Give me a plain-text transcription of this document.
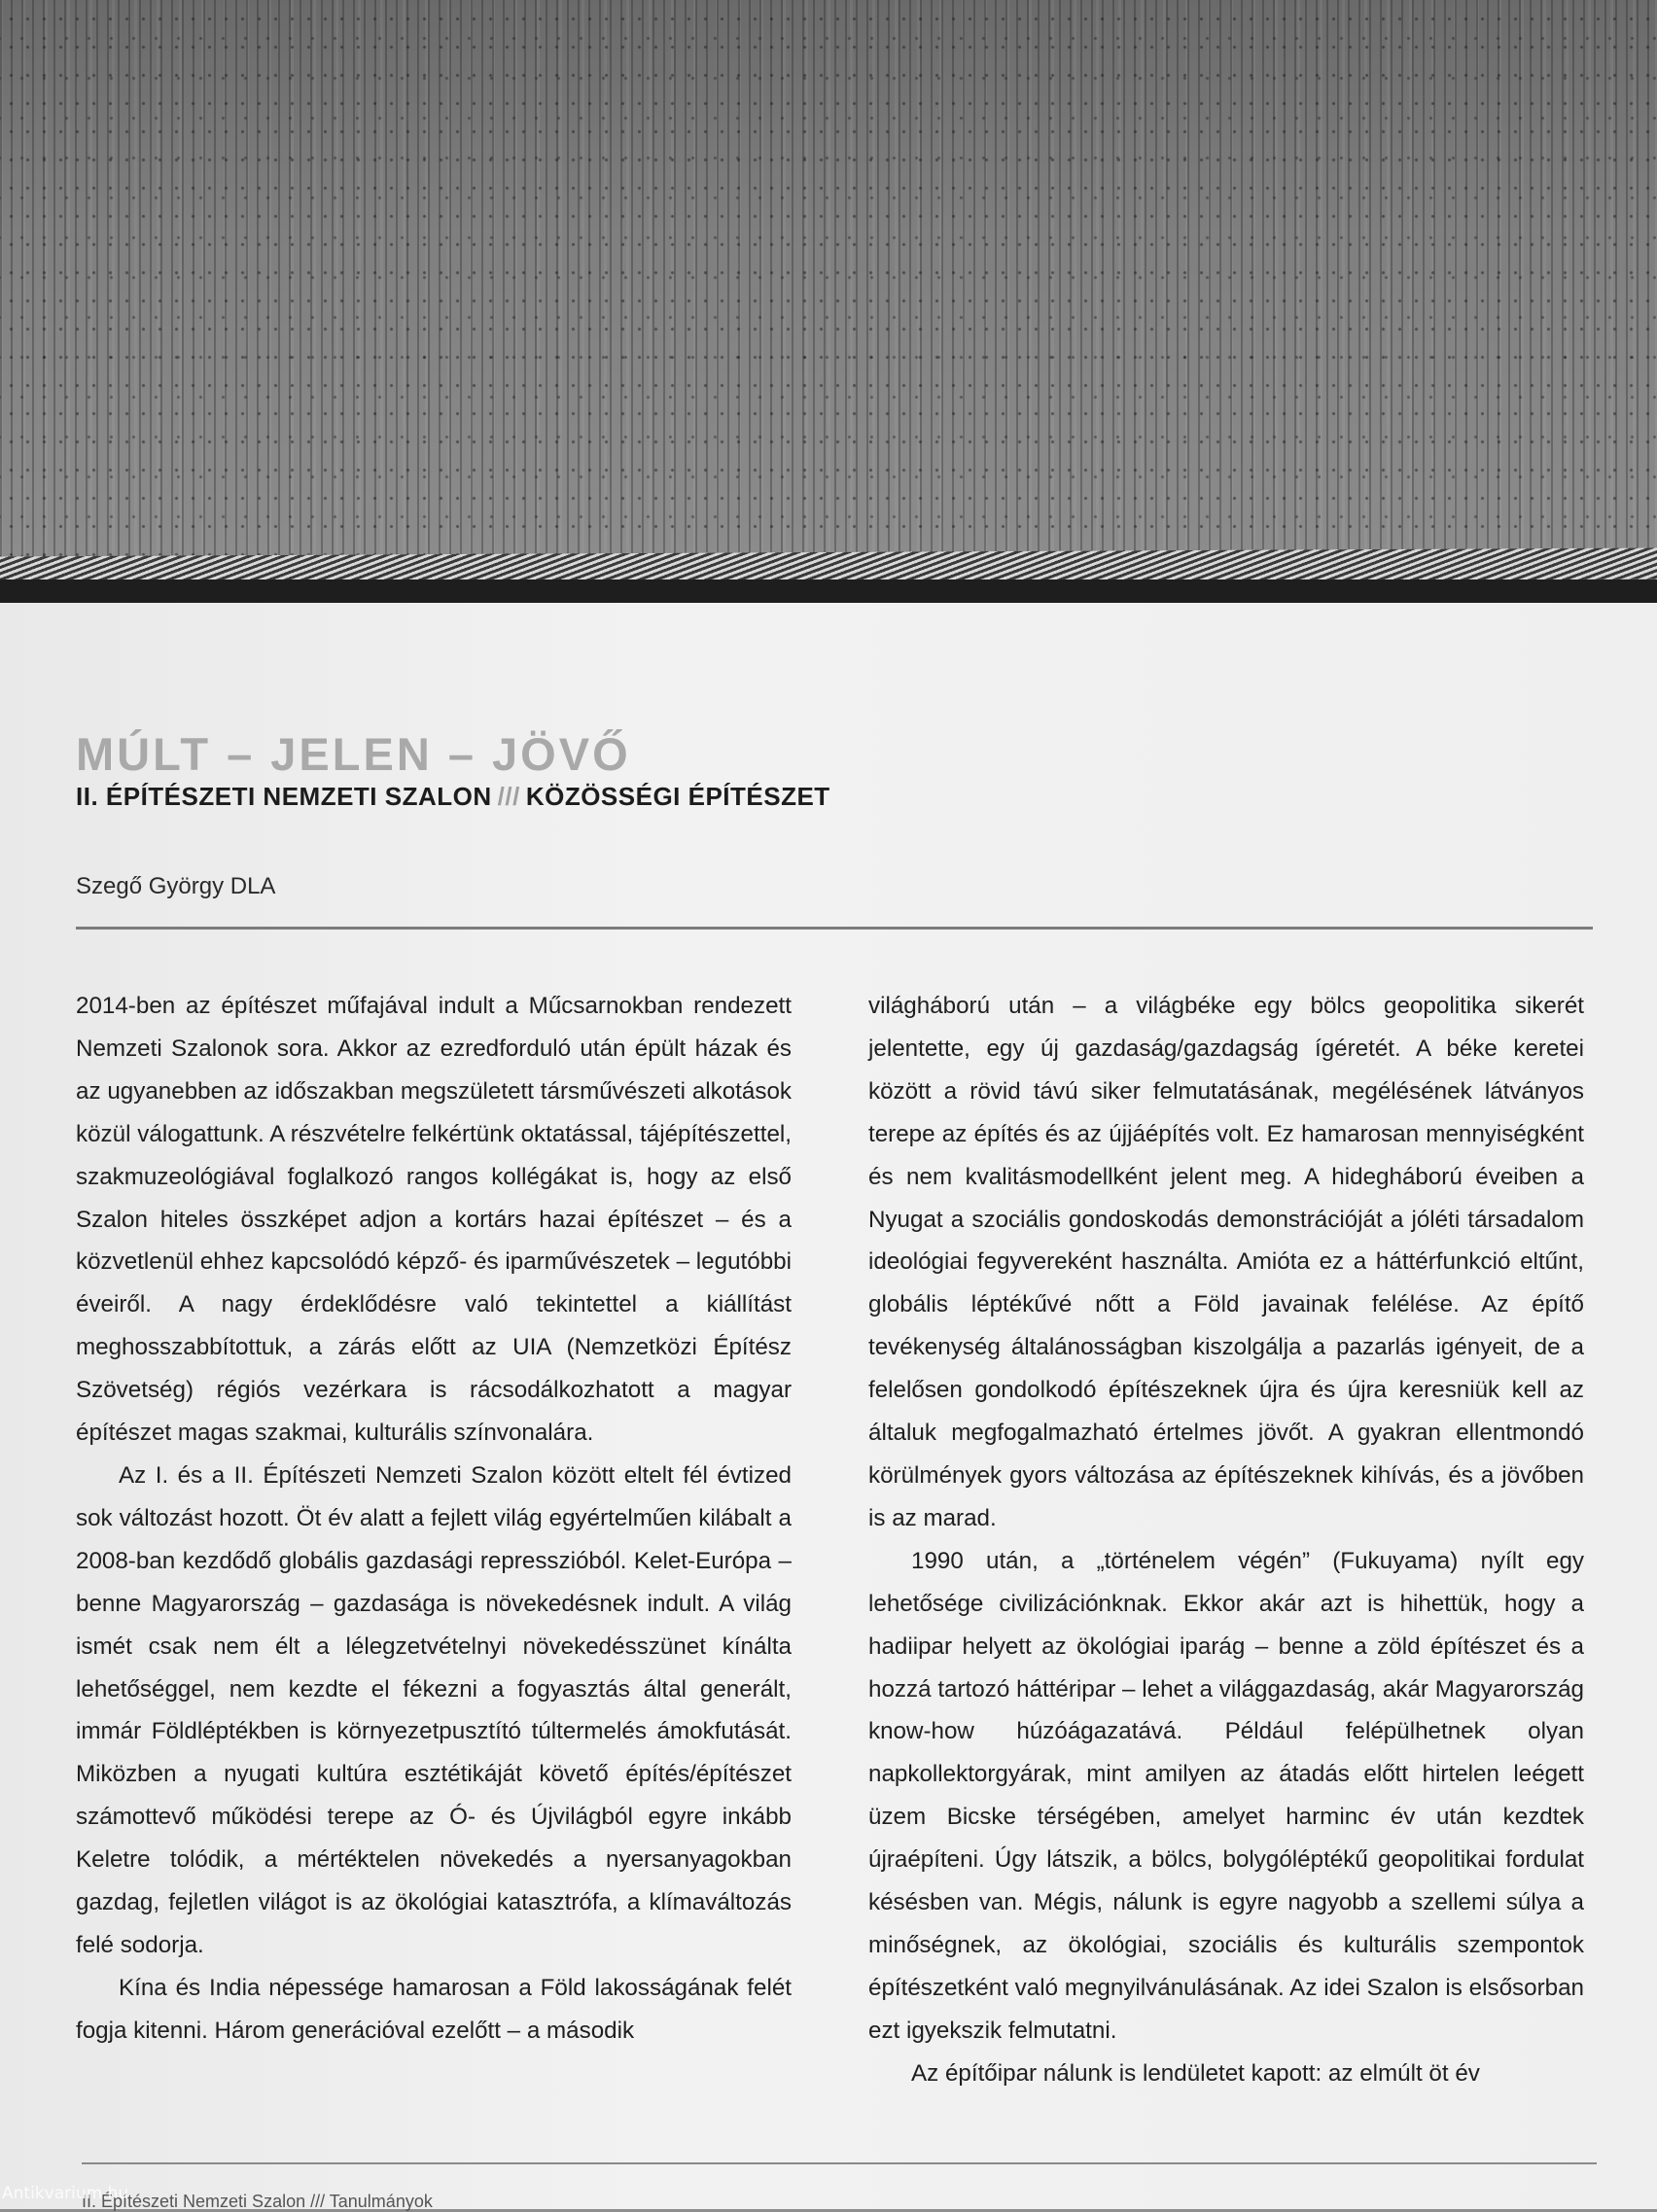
MÚLT – JELEN – JÖVŐ
II. ÉPÍTÉSZETI NEMZETI SZALON /// KÖZÖSSÉGI ÉPÍTÉSZET
Szegő György DLA

2014-ben az építészet műfajával indult a Műcsarnokban rendezett Nemzeti Szalonok sora. Akkor az ezredforduló után épült házak és az ugyanebben az időszakban megszületett társművészeti alkotások közül válogattunk. A részvételre felkértünk oktatással, tájépítészettel, szakmuzeológiával foglalkozó rangos kollégákat is, hogy az első Szalon hiteles összképet adjon a kortárs hazai építészet – és a közvetlenül ehhez kapcsolódó képző- és iparművészetek – legutóbbi éveiről. A nagy érdeklődésre való tekintettel a kiállítást meghosszabbítottuk, a zárás előtt az UIA (Nemzetközi Építész Szövetség) régiós vezérkara is rácsodálkozhatott a magyar építészet magas szakmai, kulturális színvonalára.

Az I. és a II. Építészeti Nemzeti Szalon között eltelt fél évtized sok változást hozott. Öt év alatt a fejlett világ egyértelműen kilábalt a 2008-ban kezdődő globális gazdasági represszióból. Kelet-Európa – benne Magyarország – gazdasága is növekedésnek indult. A világ ismét csak nem élt a lélegzetvételnyi növekedésszünet kínálta lehetőséggel, nem kezdte el fékezni a fogyasztás által generált, immár Földléptékben is környezetpusztító túltermelés ámokfutását. Miközben a nyugati kultúra esztétikáját követő építés/építészet számottevő működési terepe az Ó- és Újvilágból egyre inkább Keletre tolódik, a mértéktelen növekedés a nyersanyagokban gazdag, fejletlen világot is az ökológiai katasztrófa, a klímaváltozás felé sodorja.

Kína és India népessége hamarosan a Föld lakosságának felét fogja kitenni. Három generációval ezelőtt – a második

világháború után – a világbéke egy bölcs geopolitika sikerét jelentette, egy új gazdaság/gazdagság ígéretét. A béke keretei között a rövid távú siker felmutatásának, megélésének látványos terepe az építés és az újjáépítés volt. Ez hamarosan mennyiségként és nem kvalitásmodellként jelent meg. A hidegháború éveiben a Nyugat a szociális gondoskodás demonstrációját a jóléti társadalom ideológiai fegyvereként használta. Amióta ez a háttérfunkció eltűnt, globális léptékűvé nőtt a Föld javainak felélése. Az építő tevékenység általánosságban kiszolgálja a pazarlás igényeit, de a felelősen gondolkodó építészeknek újra és újra keresniük kell az általuk megfogalmazható értelmes jövőt. A gyakran ellentmondó körülmények gyors változása az építészeknek kihívás, és a jövőben is az marad.

1990 után, a „történelem végén” (Fukuyama) nyílt egy lehetősége civilizációnknak. Ekkor akár azt is hihettük, hogy a hadiipar helyett az ökológiai iparág – benne a zöld építészet és a hozzá tartozó háttéripar – lehet a világgazdaság, akár Magyarország know-how húzóágazatává. Például felépülhetnek olyan napkollektorgyárak, mint amilyen az átadás előtt hirtelen leégett üzem Bicske térségében, amelyet harminc év után kezdtek újraépíteni. Úgy látszik, a bölcs, bolygóléptékű geopolitikai fordulat késésben van. Mégis, nálunk is egyre nagyobb a szellemi súlya a minőségnek, az ökológiai, szociális és kulturális szempontok építészetként való megnyilvánulásának. Az idei Szalon is elsősorban ezt igyekszik felmutatni.

Az építőipar nálunk is lendületet kapott: az elmúlt öt év

II. Építészeti Nemzeti Szalon /// Tanulmányok
Antikvarium.hu
